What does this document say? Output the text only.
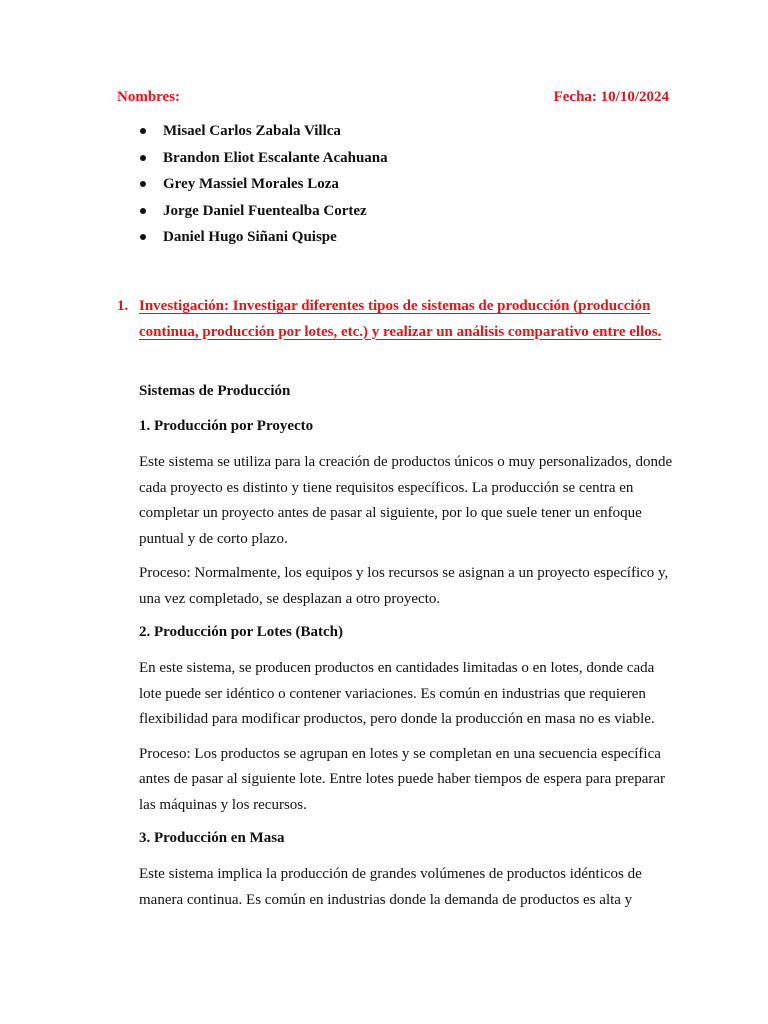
Nombres:	Fecha: 10/10/2024
Misael Carlos Zabala Villca
Brandon Eliot Escalante Acahuana
Grey Massiel Morales Loza
Jorge Daniel Fuentealba Cortez
Daniel Hugo Siñani Quispe
1. Investigación: Investigar diferentes tipos de sistemas de producción (producción continua, producción por lotes, etc.) y realizar un análisis comparativo entre ellos.
Sistemas de Producción
1. Producción por Proyecto

Este sistema se utiliza para la creación de productos únicos o muy personalizados, donde cada proyecto es distinto y tiene requisitos específicos. La producción se centra en completar un proyecto antes de pasar al siguiente, por lo que suele tener un enfoque puntual y de corto plazo.

Proceso: Normalmente, los equipos y los recursos se asignan a un proyecto específico y, una vez completado, se desplazan a otro proyecto.

2. Producción por Lotes (Batch)

En este sistema, se producen productos en cantidades limitadas o en lotes, donde cada lote puede ser idéntico o contener variaciones. Es común en industrias que requieren flexibilidad para modificar productos, pero donde la producción en masa no es viable.

Proceso: Los productos se agrupan en lotes y se completan en una secuencia específica antes de pasar al siguiente lote. Entre lotes puede haber tiempos de espera para preparar las máquinas y los recursos.

3. Producción en Masa

Este sistema implica la producción de grandes volúmenes de productos idénticos de manera continua. Es común en industrias donde la demanda de productos es alta y
